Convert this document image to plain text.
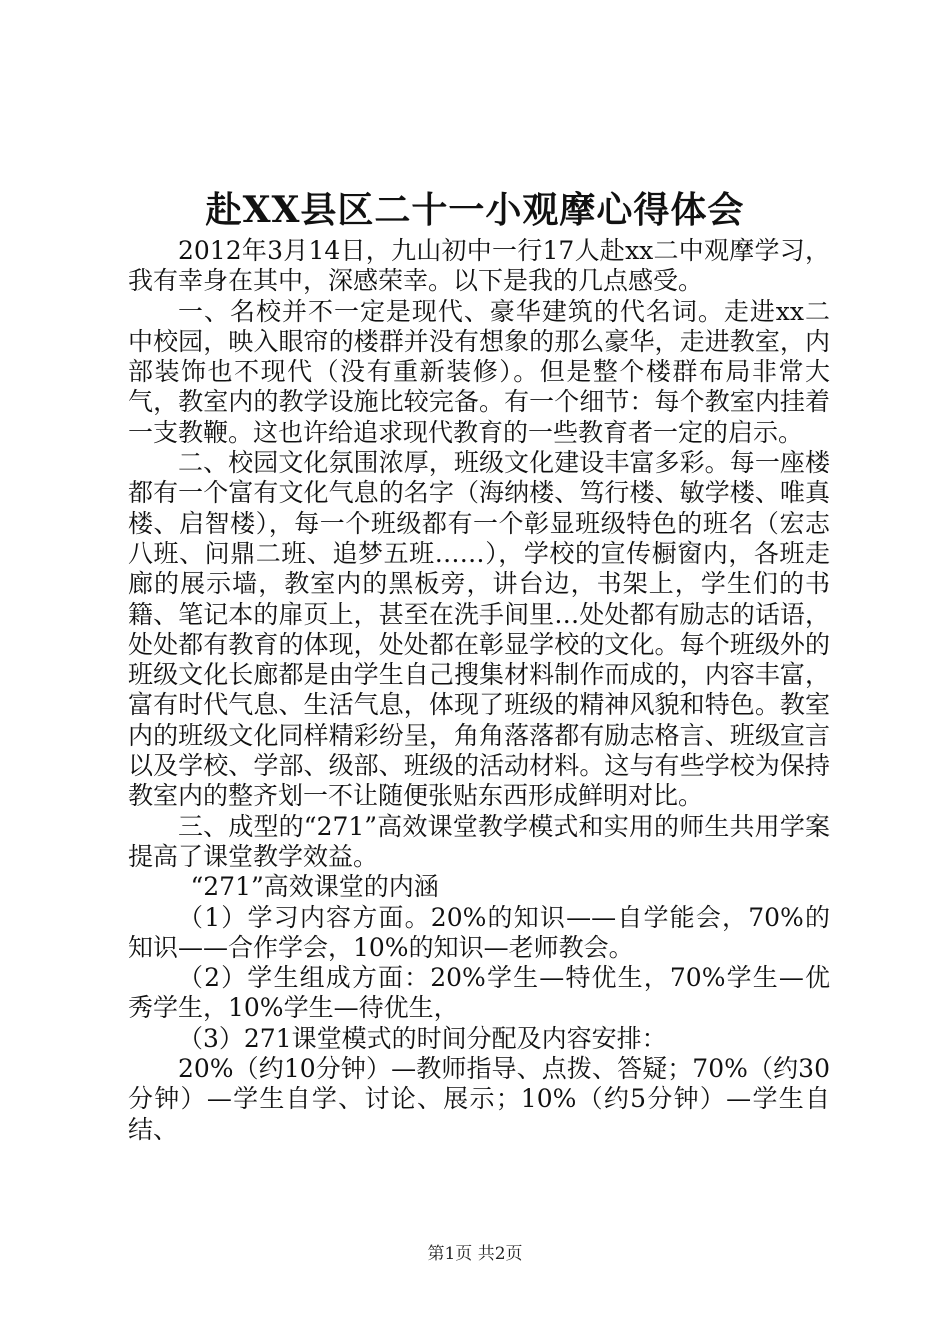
赴XX县区二十一小观摩心得体会

2012年3月14日，九山初中一行17人赴xx二中观摩学习，我有幸身在其中，深感荣幸。以下是我的几点感受。

一、名校并不一定是现代、豪华建筑的代名词。走进xx二中校园，映入眼帘的楼群并没有想象的那么豪华，走进教室，内部装饰也不现代（没有重新装修）。但是整个楼群布局非常大气，教室内的教学设施比较完备。有一个细节：每个教室内挂着一支教鞭。这也许给追求现代教育的一些教育者一定的启示。

二、校园文化氛围浓厚，班级文化建设丰富多彩。每一座楼都有一个富有文化气息的名字（海纳楼、笃行楼、敏学楼、唯真楼、启智楼），每一个班级都有一个彰显班级特色的班名（宏志八班、问鼎二班、追梦五班……），学校的宣传橱窗内，各班走廊的展示墙，教室内的黑板旁，讲台边，书架上，学生们的书籍、笔记本的扉页上，甚至在洗手间里…处处都有励志的话语，处处都有教育的体现，处处都在彰显学校的文化。每个班级外的班级文化长廊都是由学生自己搜集材料制作而成的，内容丰富，富有时代气息、生活气息，体现了班级的精神风貌和特色。教室内的班级文化同样精彩纷呈，角角落落都有励志格言、班级宣言以及学校、学部、级部、班级的活动材料。这与有些学校为保持教室内的整齐划一不让随便张贴东西形成鲜明对比。

三、成型的“271”高效课堂教学模式和实用的师生共用学案提高了课堂教学效益。

“271”高效课堂的内涵

（1）学习内容方面。20%的知识——自学能会，70%的知识——合作学会，10%的知识—老师教会。

（2）学生组成方面：20%学生—特优生，70%学生—优秀学生，10%学生—待优生，

（3）271课堂模式的时间分配及内容安排：

20%（约10分钟）—教师指导、点拨、答疑；70%（约30分钟）—学生自学、讨论、展示；10%（约5分钟）—学生自结、

第1页 共2页
